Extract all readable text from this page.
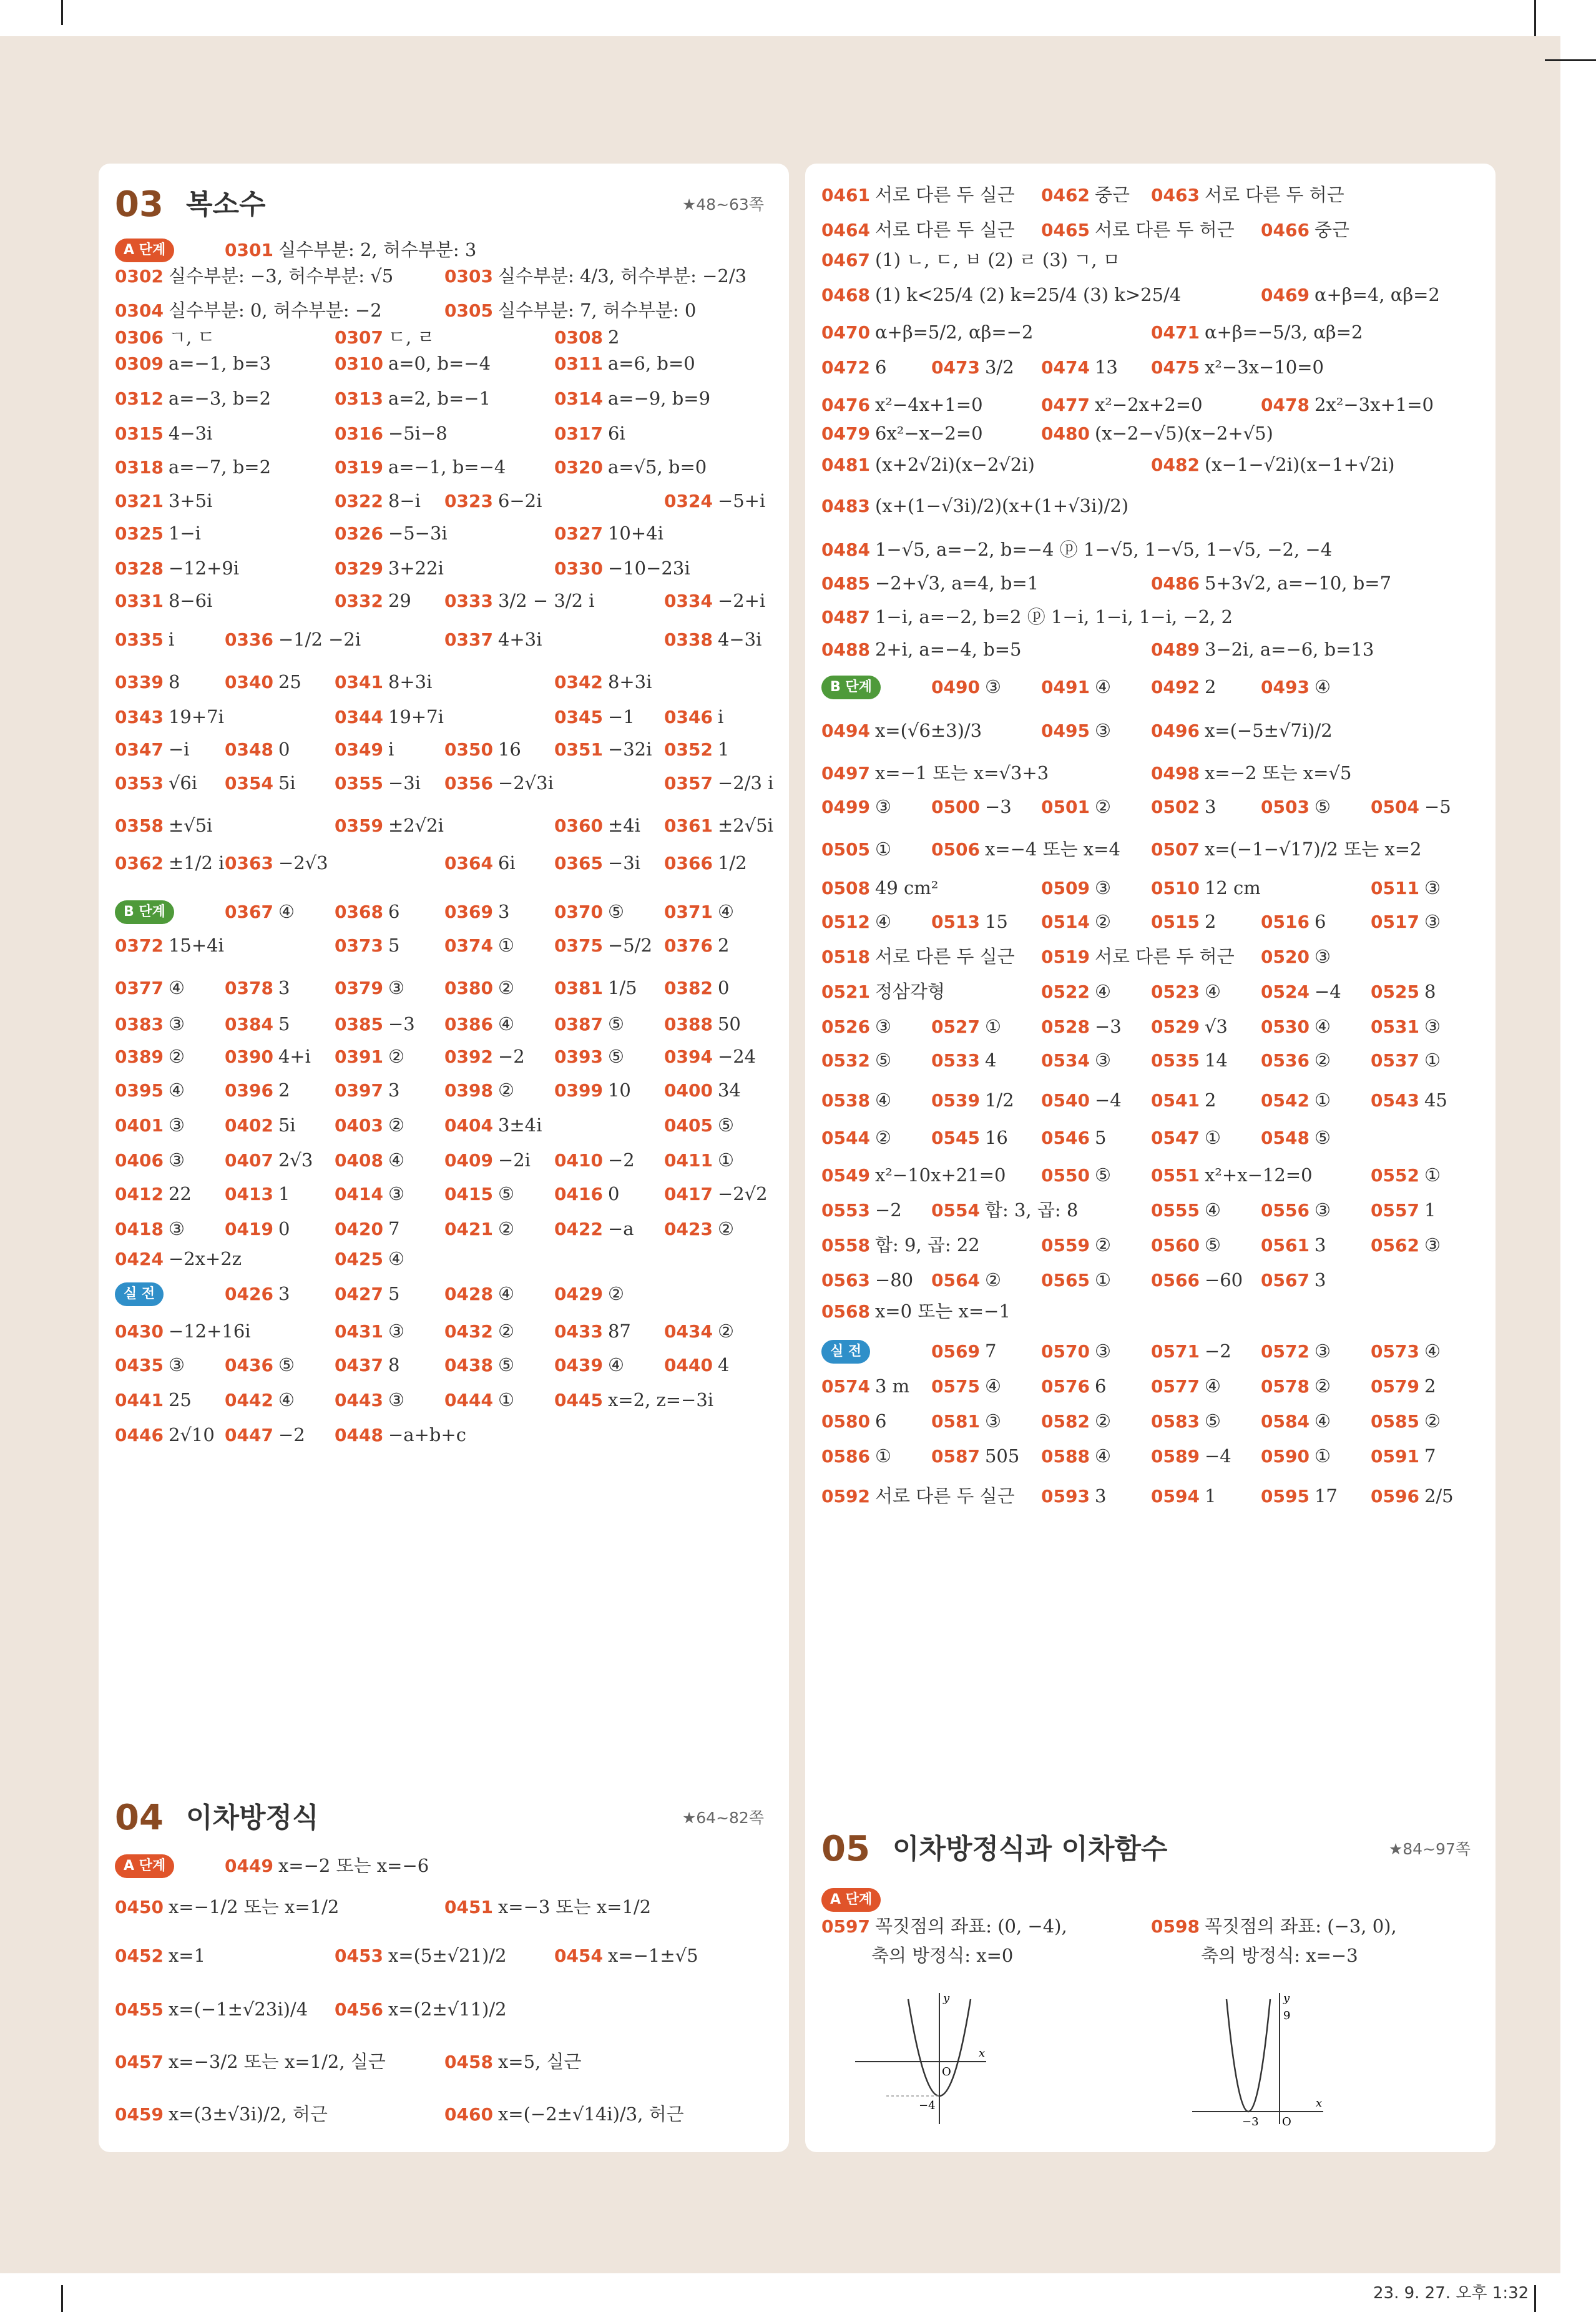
03 복소수	★48~63쪽
A 단계	0301 실수부분: 2, 허수부분: 3
0302 실수부분: −3, 허수부분: √5	0303 실수부분: 4/3, 허수부분: −2/3
0304 실수부분: 0, 허수부분: −2	0305 실수부분: 7, 허수부분: 0
0306 ㄱ, ㄷ	0307 ㄷ, ㄹ	0308 2
0309 a=−1, b=3	0310 a=0, b=−4	0311 a=6, b=0
0312 a=−3, b=2	0313 a=2, b=−1	0314 a=−9, b=9
0315 4−3i	0316 −5i−8	0317 6i
0318 a=−7, b=2	0319 a=−1, b=−4	0320 a=√5, b=0
0321 3+5i	0322 8−i 0323 6−2i	0324 −5+i
0325 1−i	0326 −5−3i	0327 10+4i
0328 −12+9i	0329 3+22i	0330 −10−23i
0331 8−6i	0332 29 0333 3/2 − 3/2 i	0334 −2+i
0335 i	0336 −1/2 −2i	0337 4+3i	0338 4−3i
0339 8	0340 25 0341 8+3i	0342 8+3i
0343 19+7i	0344 19+7i	0345 −1 0346 i
0347 −i 0348 0	0349 i	0350 16 0351 −32i 0352 1
0353 √6i 0354 5i 0355 −3i 0356 −2√3i	0357 −2/3 i
0358 ±√5i	0359 ±2√2i	0360 ±4i 0361 ±2√5i
0362 ±1/2 i 0363 −2√3	0364 6i 0365 −3i 0366 1/2
B 단계	0367 ④ 0368 6	0369 3	0370 ⑤ 0371 ④
0372 15+4i	0373 5	0374 ① 0375 −5/2 0376 2
0377 ④ 0378 3	0379 ③ 0380 ② 0381 1/5 0382 0
0383 ③ 0384 5	0385 −3 0386 ④ 0387 ⑤ 0388 50
0389 ② 0390 4+i 0391 ② 0392 −2 0393 ⑤ 0394 −24
0395 ④ 0396 2	0397 3	0398 ② 0399 10 0400 34
0401 ③ 0402 5i 0403 ② 0404 3±4i	0405 ⑤
0406 ③ 0407 2√3 0408 ④ 0409 −2i 0410 −2 0411 ①
0412 22 0413 1	0414 ③ 0415 ⑤ 0416 0	0417 −2√2
0418 ③ 0419 0	0420 7	0421 ② 0422 −a 0423 ②
0424 −2x+2z	0425 ④
실 전	0426 3	0427 5	0428 ④ 0429 ②
0430 −12+16i	0431 ③ 0432 ② 0433 87 0434 ②
0435 ③ 0436 ⑤ 0437 8	0438 ⑤ 0439 ④ 0440 4
0441 25 0442 ④ 0443 ③ 0444 ① 0445 x=2, z=−3i
0446 2√10 0447 −2 0448 −a+b+c
04 이차방정식	★64~82쪽
A 단계	0449 x=−2 또는 x=−6
0450 x=−1/2 또는 x=1/2	0451 x=−3 또는 x=1/2
0452 x=1	0453 x=(5±√21)/2	0454 x=−1±√5
0455 x=(−1±√23i)/4 0456 x=(2±√11)/2
0457 x=−3/2 또는 x=1/2, 실근	0458 x=5, 실근
0459 x=(3±√3i)/2, 허근	0460 x=(−2±√14i)/3, 허근
0461 서로 다른 두 실근 0462 중근 0463 서로 다른 두 허근
0464 서로 다른 두 실근 0465 서로 다른 두 허근 0466 중근
0467 (1) ㄴ, ㄷ, ㅂ (2) ㄹ (3) ㄱ, ㅁ
0468 (1) k<25/4 (2) k=25/4 (3) k>25/4	0469 α+β=4, αβ=2
0470 α+β=5/2, αβ=−2	0471 α+β=−5/3, αβ=2
0472 6	0473 3/2 0474 13 0475 x²−3x−10=0
0476 x²−4x+1=0	0477 x²−2x+2=0	0478 2x²−3x+1=0
0479 6x²−x−2=0	0480 (x−2−√5)(x−2+√5)
0481 (x+2√2i)(x−2√2i)	0482 (x−1−√2i)(x−1+√2i)
0483 (x+(1−√3i)/2)(x+(1+√3i)/2)
0484 1−√5, a=−2, b=−4 ⓟ 1−√5, 1−√5, 1−√5, −2, −4
0485 −2+√3, a=4, b=1	0486 5+3√2, a=−10, b=7
0487 1−i, a=−2, b=2 ⓟ 1−i, 1−i, 1−i, −2, 2
0488 2+i, a=−4, b=5	0489 3−2i, a=−6, b=13
B 단계	0490 ③ 0491 ④ 0492 2	0493 ④
0494 x=(√6±3)/3	0495 ③ 0496 x=(−5±√7i)/2
0497 x=−1 또는 x=√3+3	0498 x=−2 또는 x=√5
0499 ③ 0500 −3 0501 ② 0502 3	0503 ⑤ 0504 −5
0505 ① 0506 x=−4 또는 x=4 0507 x=(−1−√17)/2 또는 x=2
0508 49 cm²	0509 ③ 0510 12 cm	0511 ③
0512 ④ 0513 15 0514 ② 0515 2	0516 6	0517 ③
0518 서로 다른 두 실근 0519 서로 다른 두 허근 0520 ③
0521 정삼각형	0522 ④ 0523 ④ 0524 −4 0525 8
0526 ③ 0527 ① 0528 −3 0529 √3 0530 ④ 0531 ③
0532 ⑤ 0533 4	0534 ③ 0535 14 0536 ② 0537 ①
0538 ④ 0539 1/2 0540 −4 0541 2	0542 ① 0543 45
0544 ② 0545 16 0546 5	0547 ① 0548 ⑤
0549 x²−10x+21=0 0550 ⑤ 0551 x²+x−12=0	0552 ①
0553 −2 0554 합: 3, 곱: 8	0555 ④ 0556 ③ 0557 1
0558 합: 9, 곱: 22	0559 ② 0560 ⑤ 0561 3	0562 ③
0563 −80 0564 ② 0565 ① 0566 −60 0567 3
0568 x=0 또는 x=−1
실 전	0569 7	0570 ③ 0571 −2 0572 ③ 0573 ④
0574 3 m 0575 ④ 0576 6	0577 ④ 0578 ② 0579 2
0580 6	0581 ③ 0582 ② 0583 ⑤ 0584 ④ 0585 ②
0586 ① 0587 505 0588 ④ 0589 −4 0590 ① 0591 7
0592 서로 다른 두 실근 0593 3	0594 1	0595 17 0596 2/5
05 이차방정식과 이차함수	★84~97쪽
A 단계
0597 꼭짓점의 좌표: (0, −4),
축의 방정식: x=0
0598 꼭짓점의 좌표: (−3, 0),
축의 방정식: x=−3
y
x
O
−4
y
x
O
−3
9
23. 9. 27. 오후 1:32
